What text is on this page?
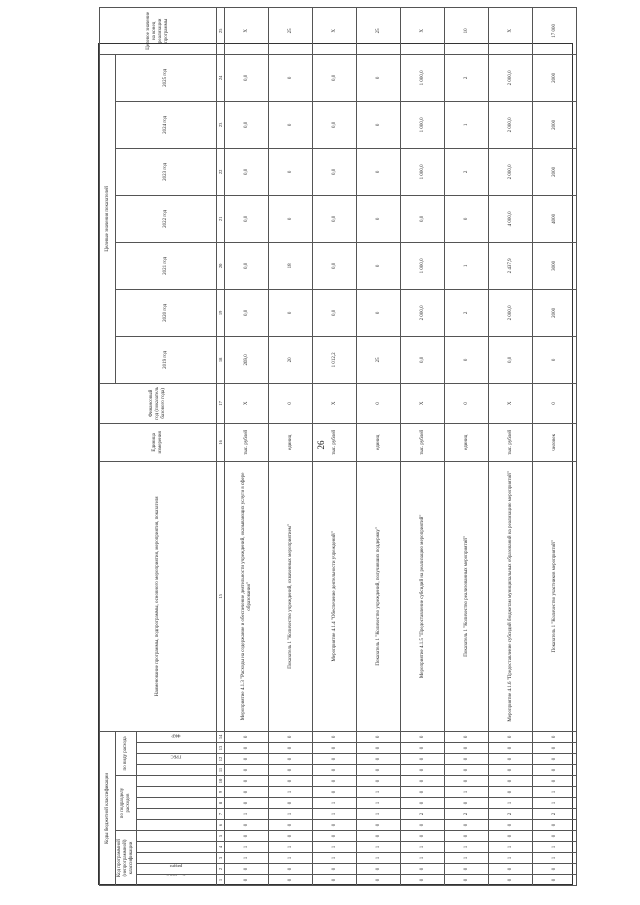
26
Коды бюджетной классификации														Наименование программы, подпрограммы, основного мероприятия, мероприятия, показателя	Единица измерения	Финансовый год (показатель базового года)	Целевые значения показателей							Целевое значение на конец реализации программы
Код программной (непрограммной) классификации					по подразделу расходов					по виду расхода							2019 год	2020 год	2021 год	2022 год	2023 год	2024 год	2025 год	
	раздел										ГРБС		ФКР											
1	2	3	4	5	6	7	8	9	10	11	12	13	14	15	16	17	18	19	20	21	22	23	24	25
0	0	1	1	0	0	1	0	0	0	0	0	0	0	Мероприятие 4.1.3 "Расходы на содержание и обеспечение деятельности учреждений, оказывающих услуги в сфере образования"	тыс. рублей	X	269,0	0,0	0,0	0,0	0,0	0,0	0,0	X
0	0	1	1	0	0	1	0	1	0	0	0	0	0	Показатель 1 "Количество учреждений, охваченных мероприятием"	единиц	0	20	0	18	0	0	0	0	25
0	0	1	1	0	0	1	1	0	0	0	0	0	0	Мероприятие 4.1.4 "Обеспечение деятельности учреждений"	тыс. рублей	X	1 012,2	0,0	0,0	0,0	0,0	0,0	0,0	X
0	0	1	1	0	0	1	1	1	0	0	0	0	0	Показатель 1 "Количество учреждений, получивших поддержку"	единиц	0	25	0	0	0	0	0	0	25
0	0	1	1	0	0	2	0	0	0	0	0	0	0	Мероприятие 4.1.5 "Предоставление субсидий на реализацию мероприятий"	тыс. рублей	X	0,0	2 000,0	1 000,0	0,0	1 000,0	1 000,0	1 000,0	X
0	0	1	1	0	0	2	0	1	0	0	0	0	0	Показатель 1 "Количество реализованных мероприятий"	единиц	0	0	2	1	0	2	1	2	10
0	0	1	1	0	0	2	1	0	0	0	0	0	0	Мероприятие 4.1.6 "Предоставление субсидий бюджетам муниципальных образований на реализацию мероприятий"	тыс. рублей	X	0,0	2 000,0	2 437,9	4 000,0	2 000,0	2 000,0	2 000,0	X
0	0	1	1	0	0	2	1	1	0	0	0	0	0	Показатель 1 "Количество участников мероприятий"	человек	0	0	2000	3000	4000	2000	2000	2000	17 000
